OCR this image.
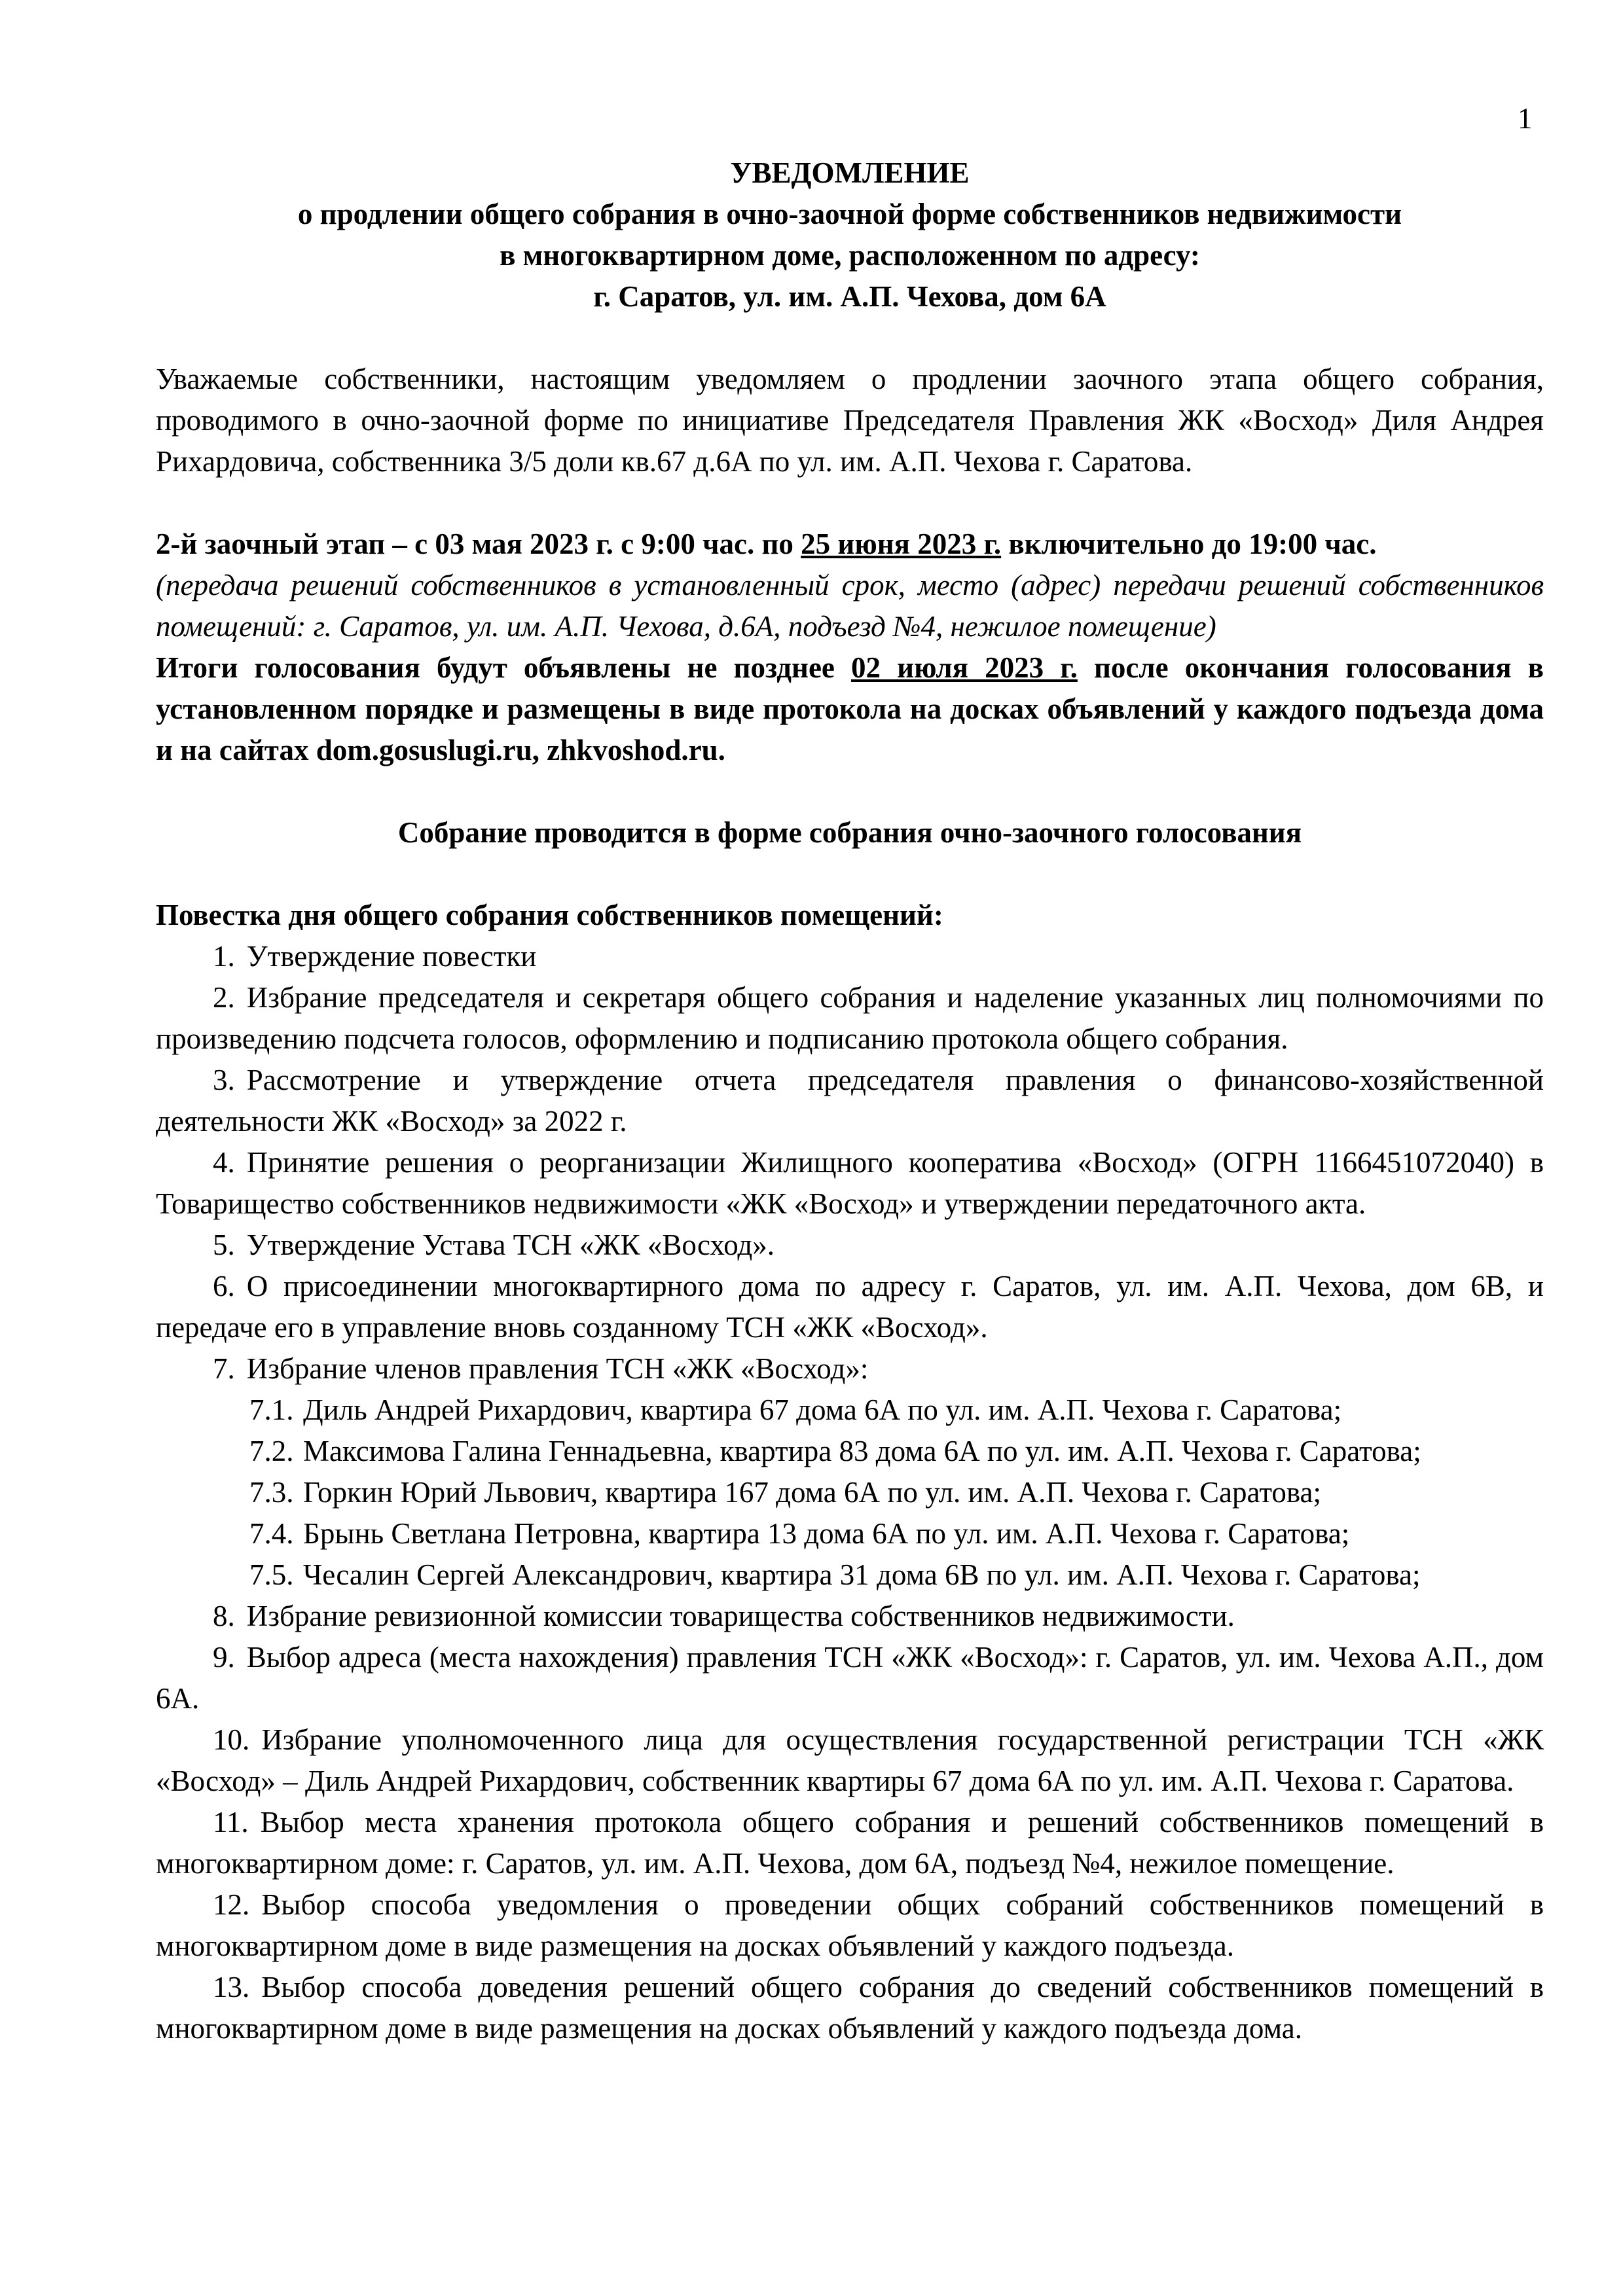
1
УВЕДОМЛЕНИЕ
о продлении общего собрания в очно-заочной форме собственников недвижимости
в многоквартирном доме, расположенном по адресу:
г. Саратов, ул. им. А.П. Чехова, дом 6А

Уважаемые собственники, настоящим уведомляем о продлении заочного этапа общего собрания, проводимого в очно-заочной форме по инициативе Председателя Правления ЖК «Восход» Диля Андрея Рихардовича, собственника 3/5 доли кв.67 д.6А по ул. им. А.П. Чехова г. Саратова.

2-й заочный этап – с 03 мая 2023 г. с 9:00 час. по 25 июня 2023 г. включительно до 19:00 час.

(передача решений собственников в установленный срок, место (адрес) передачи решений собственников помещений: г. Саратов, ул. им. А.П. Чехова, д.6А, подъезд №4, нежилое помещение)

Итоги голосования будут объявлены не позднее 02 июля 2023 г. после окончания голосования в установленном порядке и размещены в виде протокола на досках объявлений у каждого подъезда дома и на сайтах dom.gosuslugi.ru, zhkvoshod.ru.

Собрание проводится в форме собрания очно-заочного голосования

Повестка дня общего собрания собственников помещений:

1. Утверждение повестки

2. Избрание председателя и секретаря общего собрания и наделение указанных лиц полномочиями по произведению подсчета голосов, оформлению и подписанию протокола общего собрания.

3. Рассмотрение и утверждение отчета председателя правления о финансово-хозяйственной деятельности ЖК «Восход» за 2022 г.

4. Принятие решения о реорганизации Жилищного кооператива «Восход» (ОГРН 1166451072040) в Товарищество собственников недвижимости «ЖК «Восход» и утверждении передаточного акта.

5. Утверждение Устава ТСН «ЖК «Восход».

6. О присоединении многоквартирного дома по адресу г. Саратов, ул. им. А.П. Чехова, дом 6В, и передаче его в управление вновь созданному ТСН «ЖК «Восход».

7. Избрание членов правления ТСН «ЖК «Восход»:

7.1. Диль Андрей Рихардович, квартира 67 дома 6А по ул. им. А.П. Чехова г. Саратова;
7.2. Максимова Галина Геннадьевна, квартира 83 дома 6А по ул. им. А.П. Чехова г. Саратова;
7.3. Горкин Юрий Львович, квартира 167 дома 6А по ул. им. А.П. Чехова г. Саратова;
7.4. Брынь Светлана Петровна, квартира 13 дома 6А по ул. им. А.П. Чехова г. Саратова;
7.5. Чесалин Сергей Александрович, квартира 31 дома 6В по ул. им. А.П. Чехова г. Саратова;

8. Избрание ревизионной комиссии товарищества собственников недвижимости.

9. Выбор адреса (места нахождения) правления ТСН «ЖК «Восход»: г. Саратов, ул. им. Чехова А.П., дом 6А.

10. Избрание уполномоченного лица для осуществления государственной регистрации ТСН «ЖК «Восход» – Диль Андрей Рихардович, собственник квартиры 67 дома 6А по ул. им. А.П. Чехова г. Саратова.

11. Выбор места хранения протокола общего собрания и решений собственников помещений в многоквартирном доме: г. Саратов, ул. им. А.П. Чехова, дом 6А, подъезд №4, нежилое помещение.

12. Выбор способа уведомления о проведении общих собраний собственников помещений в многоквартирном доме в виде размещения на досках объявлений у каждого подъезда.

13. Выбор способа доведения решений общего собрания до сведений собственников помещений в многоквартирном доме в виде размещения на досках объявлений у каждого подъезда дома.
